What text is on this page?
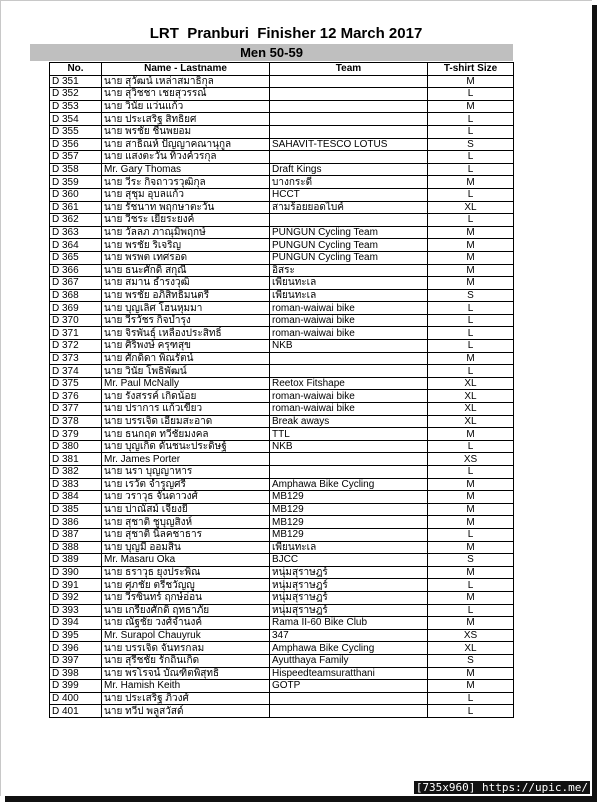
LRT  Pranburi  Finisher 12 March 2017
Men 50-59
No.	Name - Lastname	Team	T-shirt Size
D 351	นาย สุวัฒน์ เหล่าสมาธิกุล		M
D 352	นาย สุวิชชา เชยสุวรรณ์		L
D 353	นาย วินัย แว่นแก้ว		M
D 354	นาย ประเสริฐ สิทธิยศ		L
D 355	นาย พรชัย ชื่นพยอม		L
D 356	นาย สาธิณห์ ปัญญาคณานุกูล	SAHAVIT-TESCO LOTUS	S
D 357	นาย แสงตะวัน ทิวงค์วรกุล		L
D 358	Mr. Gary Thomas	Draft Kings	L
D 359	นาย วีระ กิจถาวรวุฒิกุล	บางกระดี่	M
D 360	นาย สุชุม อุบลแก้ว	HCCT	L
D 361	นาย รัชนาท พฤกษาตะวัน	สามร้อยยอดไบค์	XL
D 362	นาย วีชระ เยียระยงค์		L
D 363	นาย วัลลภ ภาณุมิพฤกษ์	PUNGUN Cycling Team	M
D 364	นาย พรชัย ริเจริญ	PUNGUN Cycling Team	M
D 365	นาย พรพต เทศรอด	PUNGUN Cycling Team	M
D 366	นาย ธนะศักดิ์ สกุณี	อิสระ	M
D 367	นาย สมาน ธำรงวุฒิ	เพียนทะเล	M
D 368	นาย พรชัย อภิสิทธิ์มนตรี	เพียนทะเล	S
D 369	นาย บุญเลิศ โฮนหุมมา	roman-waiwai bike	L
D 370	นาย วีรวัชร กิจบำรุง	roman-waiwai bike	L
D 371	นาย จิรพันธุ์ เหลืองประสิทธิ์	roman-waiwai bike	L
D 372	นาย ศิริพงษ์ ครุฑสุข	NKB	L
D 373	นาย ศักดิ์ดา พิณรัตน์		M
D 374	นาย วินัย โพธิพัฒน์		L
D 375	Mr. Paul McNally	Reetox Fitshape	XL
D 376	นาย รังสรรค์ เกิดน้อย	roman-waiwai bike	XL
D 377	นาย ปราการ แก้วเขียว	roman-waiwai bike	XL
D 378	นาย บรรเจิด เอี่ยมสะอาด	Break aways	XL
D 379	นาย ธนกฤต ทวีชัยมงคล	TTL	M
D 380	นาย บุญเกิด ดันชนะประดิษฐ์	NKB	L
D 381	Mr. James Porter		XS
D 382	นาย นรา บุญญาหาร		L
D 383	นาย เรวัต จำรูญศรี	Amphawa Bike Cycling	M
D 384	นาย วราวุธ จันดาวงศ์	MB129	M
D 385	นาย ปาณัสม์ เจียงยี่	MB129	M
D 386	นาย สุชาติ ชูบุญสิงห์	MB129	M
D 387	นาย สุชาติ นิลคชาธาร	MB129	L
D 388	นาย บุญมี ออมสิน	เพียนทะเล	M
D 389	Mr. Masaru Oka	BJCC	S
D 390	นาย ธราวุธ ยุงประพิณ	หนุ่มสุราษฎร์	M
D 391	นาย ศุภชัย ตรีชวัญญู	หนุ่มสุราษฎร์	L
D 392	นาย วีรซินทร์ ฤกษ์อ่อน	หนุ่มสุราษฎร์	M
D 393	นาย เกรียงศักดิ์ ฤทธาภัย	หนุ่มสุราษฎร์	L
D 394	นาย ณัฐชัย วงศ์จำนงค์	Rama II-60 Bike Club	M
D 395	Mr. Surapol Chauyruk	347	XS
D 396	นาย บรรเจิด จันทรกลม	Amphawa Bike Cycling	XL
D 397	นาย สุรีชชัย รักถิ่นเกิด	Ayutthaya Family	S
D 398	นาย พรโรจน์ บัณฑิตพิสุทธิ์	Hispeedteamsuratthani	M
D 399	Mr. Hamish Keith	GOTP	M
D 400	นาย ประเสริฐ ภิวงศ์		L
D 401	นาย ทวีป พลูสวัสด์		L
[735x960] https://upic.me/
